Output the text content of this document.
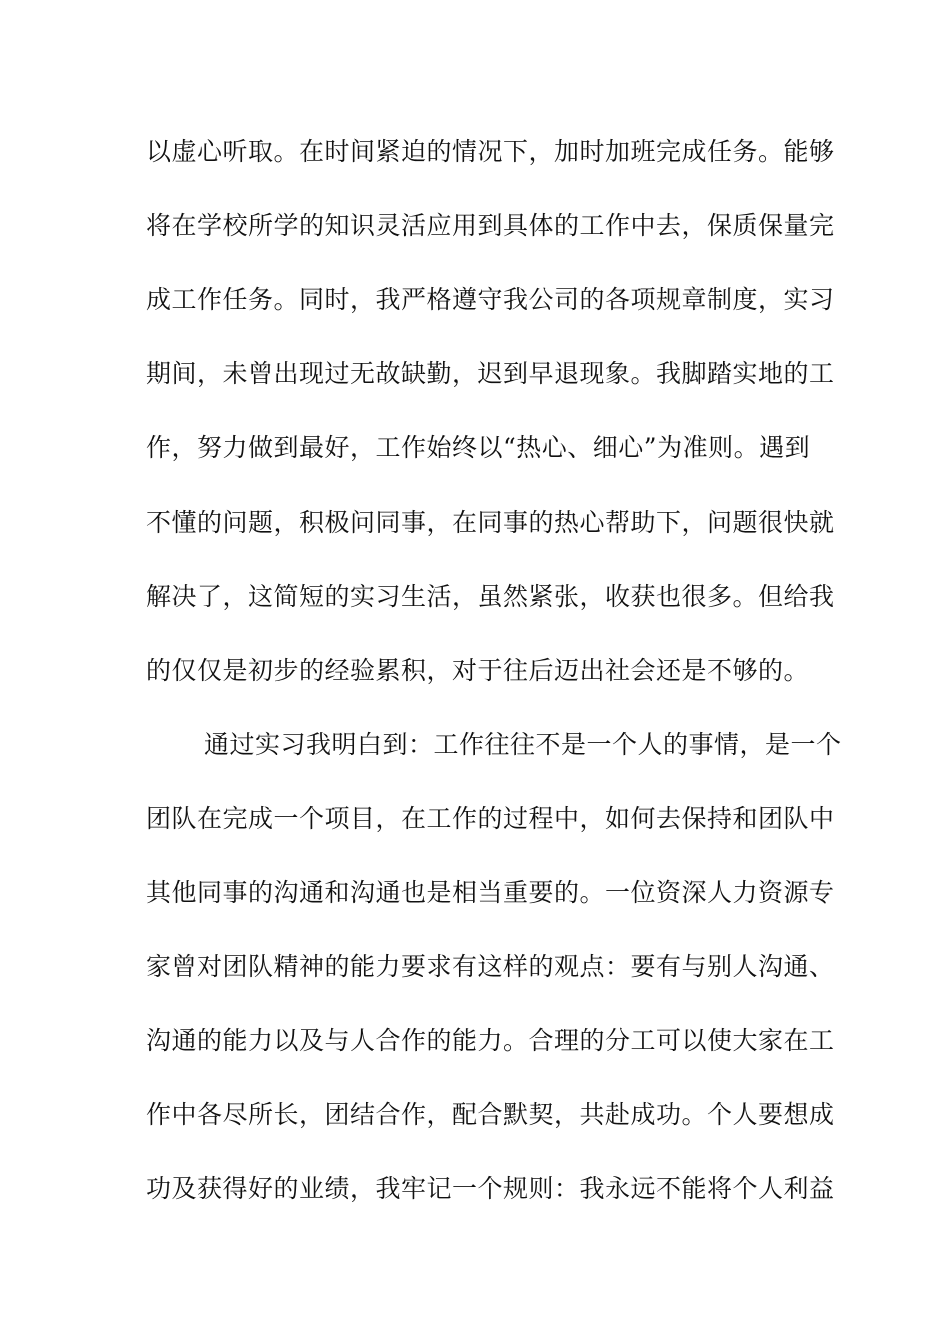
以虚心听取。在时间紧迫的情况下，加时加班完成任务。能够
将在学校所学的知识灵活应用到具体的工作中去，保质保量完
成工作任务。同时，我严格遵守我公司的各项规章制度，实习
期间，未曾出现过无故缺勤，迟到早退现象。我脚踏实地的工
作，努力做到最好，工作始终以“热心、细心”为准则。遇到
不懂的问题，积极问同事，在同事的热心帮助下，问题很快就
解决了，这简短的实习生活，虽然紧张，收获也很多。但给我
的仅仅是初步的经验累积，对于往后迈出社会还是不够的。
通过实习我明白到：工作往往不是一个人的事情，是一个
团队在完成一个项目，在工作的过程中，如何去保持和团队中
其他同事的沟通和沟通也是相当重要的。一位资深人力资源专
家曾对团队精神的能力要求有这样的观点：要有与别人沟通、
沟通的能力以及与人合作的能力。合理的分工可以使大家在工
作中各尽所长，团结合作，配合默契，共赴成功。个人要想成
功及获得好的业绩，我牢记一个规则：我永远不能将个人利益
